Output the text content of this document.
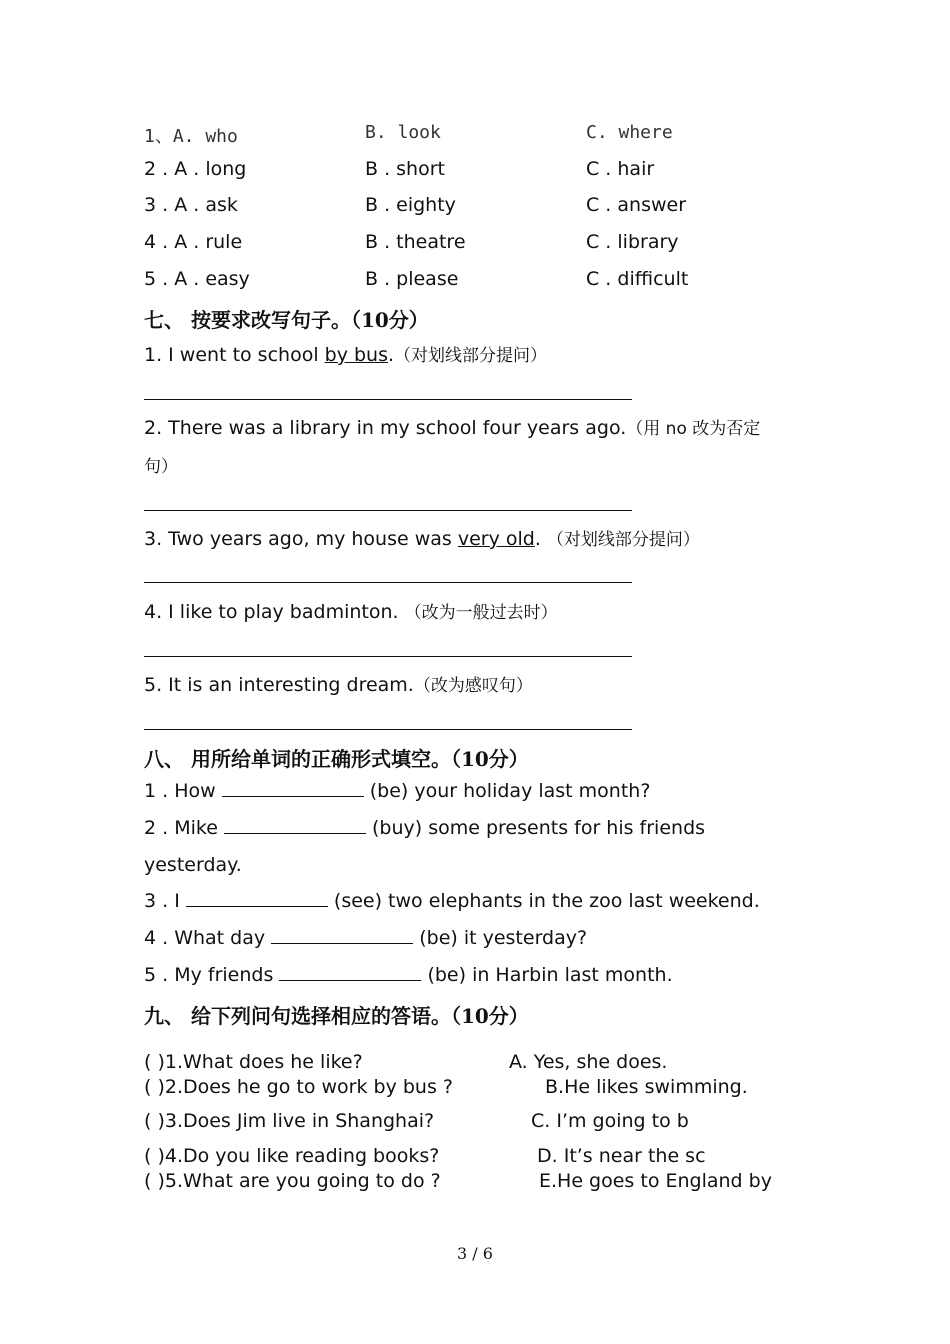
1、A. who	B. look	C. where
2 . A . long	B . short	C . hair
3 . A . ask	B . eighty	C . answer
4 . A . rule	B . theatre	C . library
5 . A . easy	B . please	C . difficult
七、 按要求改写句子。（10分）
1. I went to school by bus.（对划线部分提问）
2. There was a library in my school four years ago.（用 no 改为否定
句）
3. Two years ago, my house was very old. （对划线部分提问）
4. I like to play badminton. （改为一般过去时）
5. It is an interesting dream.（改为感叹句）
八、 用所给单词的正确形式填空。（10分）
1 . How	(be) your holiday last month?
2 . Mike	(buy) some presents for his friends
yesterday.
3 . I	(see) two elephants in the zoo last weekend.
4 . What day	(be) it yesterday?
5 . My friends	(be) in Harbin last month.
九、 给下列问句选择相应的答语。（10分）
( )1.What does he like?	A. Yes, she does.
( )2.Does he go to work by bus ?	B.He likes swimming.
( )3.Does Jim live in Shanghai?	C. I’m going to b
( )4.Do you like reading books?	D. It’s near the sc
( )5.What are you going to do ?	E.He goes to England by
3 / 6
